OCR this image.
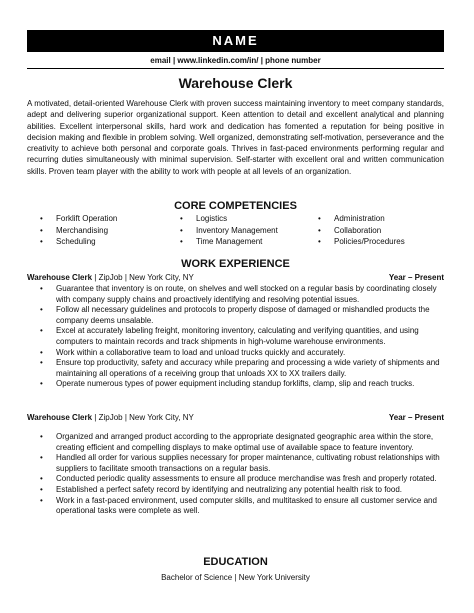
NAME
email | www.linkedin.com/in/ | phone number
Warehouse Clerk

A motivated, detail-oriented Warehouse Clerk with proven success maintaining inventory to meet company standards, adept and delivering superior organizational support. Keen attention to detail and excellent analytical and planning abilities. Excellent interpersonal skills, hard work and dedication has fomented a reputation for being positive in decision making and flexible in problem solving. Well organized, demonstrating self-motivation, perseverance and the creativity to achieve both personal and corporate goals. Thrives in fast-paced environments performing regular and recurring duties simultaneously with minimal supervision. Self-starter with excellent oral and written communication skills. Proven team player with the ability to work with people at all levels of an organization.

CORE COMPETENCIES
• Forklift Operation
• Merchandising
• Scheduling
• Logistics
• Inventory Management
• Time Management
• Administration
• Collaboration
• Policies/Procedures
WORK EXPERIENCE
Warehouse Clerk | ZipJob | New York City, NY	Year – Present
• Guarantee that inventory is on route, on shelves and well stocked on a regular basis by coordinating closely with company supply chains and proactively identifying and resolving potential issues.
• Follow all necessary guidelines and protocols to properly dispose of damaged or mishandled products the company deems unsalable.
• Excel at accurately labeling freight, monitoring inventory, calculating and verifying quantities, and using computers to maintain records and track shipments in high-volume warehouse environments.
• Work within a collaborative team to load and unload trucks quickly and accurately.
• Ensure top productivity, safety and accuracy while preparing and processing a wide variety of shipments and maintaining all operations of a receiving group that unloads XX to XX trailers daily.
• Operate numerous types of power equipment including standup forklifts, clamp, slip and reach trucks.
Warehouse Clerk | ZipJob | New York City, NY	Year – Present
• Organized and arranged product according to the appropriate designated geographic area within the store, creating efficient and compelling displays to make optimal use of available space to feature inventory.
• Handled all order for various supplies necessary for proper maintenance, cultivating robust relationships with suppliers to facilitate smooth transactions on a regular basis.
• Conducted periodic quality assessments to ensure all produce merchandise was fresh and properly rotated.
• Established a perfect safety record by identifying and neutralizing any potential health risk to food.
• Work in a fast-paced environment, used computer skills, and multitasked to ensure all customer service and operational tasks were complete as well.
EDUCATION
Bachelor of Science | New York University
